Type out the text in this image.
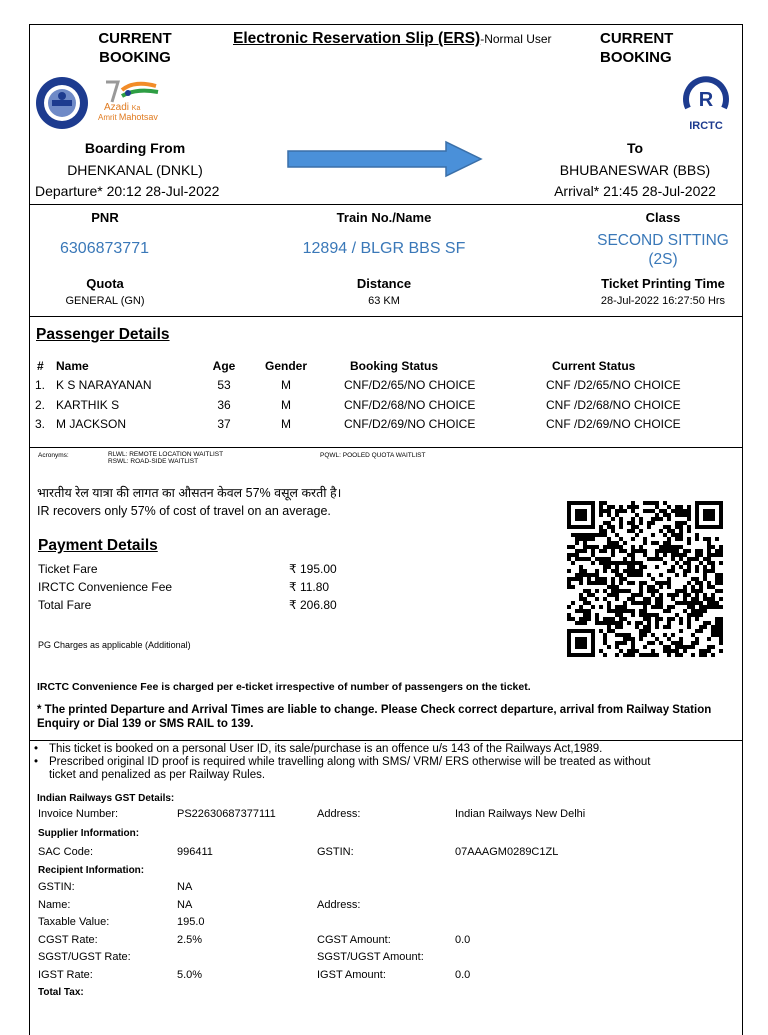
CURRENT
BOOKING
CURRENT
BOOKING
Electronic Reservation Slip (ERS)-Normal User
Azadi Ka
Amrit Mahotsav
R
IRCTC
Boarding From
DHENKANAL (DNKL)
Departure* 20:12 28-Jul-2022
To
BHUBANESWAR (BBS)
Arrival* 21:45 28-Jul-2022
PNR
6306873771
Train No./Name
12894 / BLGR BBS SF
Class
SECOND SITTING
(2S)
Quota
GENERAL (GN)
Distance
63 KM
Ticket Printing Time
28-Jul-2022 16:27:50 Hrs
Passenger Details
# Name	Age	Gender	Booking Status	Current Status
1. K S NARAYANAN	53	M	CNF/D2/65/NO CHOICE	CNF /D2/65/NO CHOICE
2. KARTHIK S	36	M	CNF/D2/68/NO CHOICE	CNF /D2/68/NO CHOICE
3. M JACKSON	37	M	CNF/D2/69/NO CHOICE	CNF /D2/69/NO CHOICE
Acronyms:	RLWL: REMOTE LOCATION WAITLIST
RSWL: ROAD-SIDE WAITLIST
PQWL: POOLED QUOTA WAITLIST
भारतीय रेल यात्रा की लागत का औसतन केवल 57% वसूल करती है।
IR recovers only 57% of cost of travel on an average.
Payment Details
Ticket Fare	₹ 195.00
IRCTC Convenience Fee	₹ 11.80
Total Fare	₹ 206.80
PG Charges as applicable (Additional)
IRCTC Convenience Fee is charged per e-ticket irrespective of number of passengers on the ticket.
* The printed Departure and Arrival Times are liable to change. Please Check correct departure, arrival from Railway Station
Enquiry or Dial 139 or SMS RAIL to 139.
• This ticket is booked on a personal User ID, its sale/purchase is an offence u/s 143 of the Railways Act,1989.
• Prescribed original ID proof is required while travelling along with SMS/ VRM/ ERS otherwise will be treated as without
ticket and penalized as per Railway Rules.
Indian Railways GST Details:
Invoice Number:	PS22630687377111	Address:	Indian Railways New Delhi
Supplier Information:
SAC Code:	996411	GSTIN:	07AAAGM0289C1ZL
Recipient Information:
GSTIN:	NA
Name:	NA	Address:
Taxable Value:	195.0
CGST Rate:	2.5%	CGST Amount:	0.0
SGST/UGST Rate:	SGST/UGST Amount:
IGST Rate:	5.0%	IGST Amount:	0.0
Total Tax:
